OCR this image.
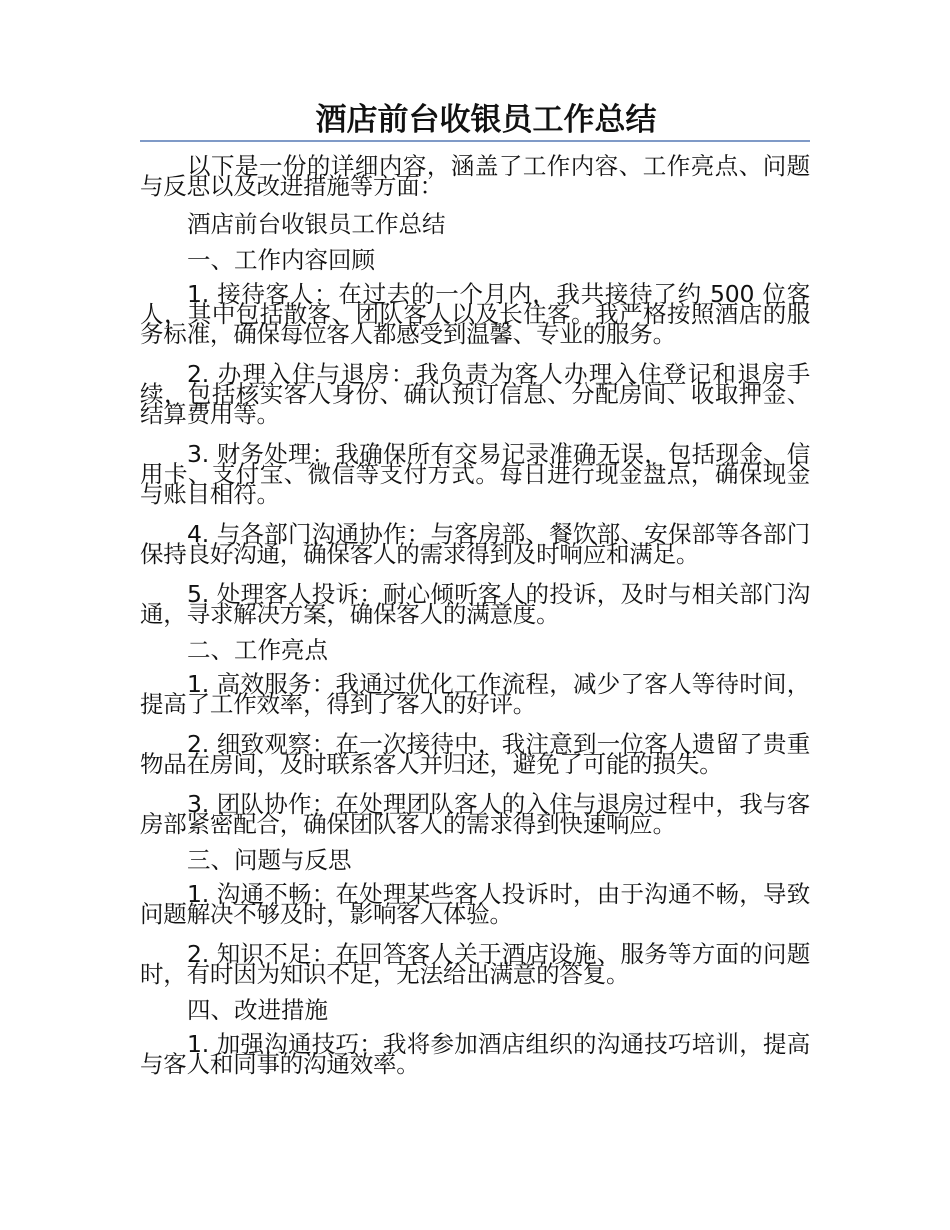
酒店前台收银员工作总结

以下是一份的详细内容，涵盖了工作内容、工作亮点、问题与反思以及改进措施等方面：

酒店前台收银员工作总结

一、工作内容回顾

1. 接待客人：在过去的一个月内，我共接待了约 500 位客人，其中包括散客、团队客人以及长住客。我严格按照酒店的服务标准，确保每位客人都感受到温馨、专业的服务。

2. 办理入住与退房：我负责为客人办理入住登记和退房手续，包括核实客人身份、确认预订信息、分配房间、收取押金、结算费用等。

3. 财务处理：我确保所有交易记录准确无误，包括现金、信用卡、支付宝、微信等支付方式。每日进行现金盘点，确保现金与账目相符。

4. 与各部门沟通协作：与客房部、餐饮部、安保部等各部门保持良好沟通，确保客人的需求得到及时响应和满足。

5. 处理客人投诉：耐心倾听客人的投诉，及时与相关部门沟通，寻求解决方案，确保客人的满意度。

二、工作亮点

1. 高效服务：我通过优化工作流程，减少了客人等待时间，提高了工作效率，得到了客人的好评。

2. 细致观察：在一次接待中，我注意到一位客人遗留了贵重物品在房间，及时联系客人并归还，避免了可能的损失。

3. 团队协作：在处理团队客人的入住与退房过程中，我与客房部紧密配合，确保团队客人的需求得到快速响应。

三、问题与反思

1. 沟通不畅：在处理某些客人投诉时，由于沟通不畅，导致问题解决不够及时，影响客人体验。

2. 知识不足：在回答客人关于酒店设施、服务等方面的问题时，有时因为知识不足，无法给出满意的答复。

四、改进措施

1. 加强沟通技巧：我将参加酒店组织的沟通技巧培训，提高与客人和同事的沟通效率。
